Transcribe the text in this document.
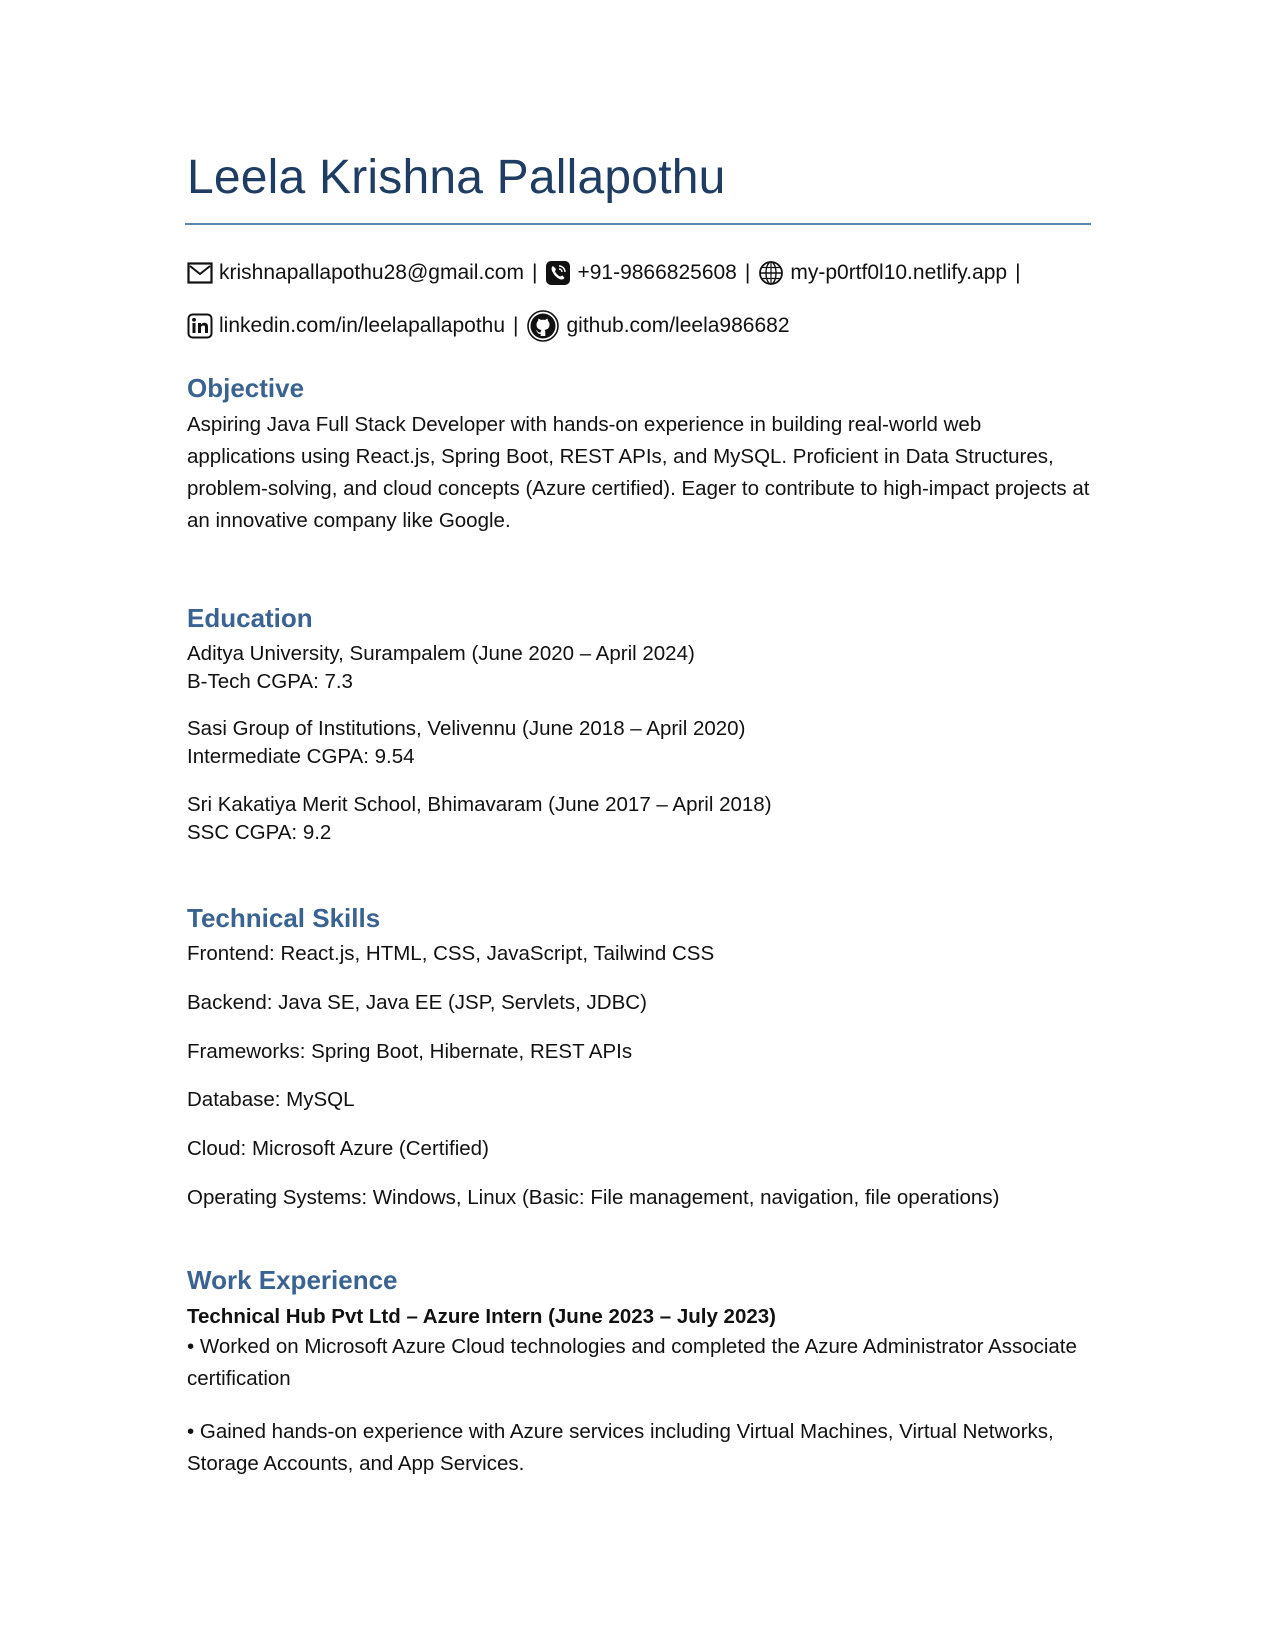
Leela Krishna Pallapothu
krishnapallapothu28@gmail.com | +91-9866825608 | my-p0rtf0l10.netlify.app |
linkedin.com/in/leelapallapothu | github.com/leela986682
Objective
Aspiring Java Full Stack Developer with hands-on experience in building real-world web applications using React.js, Spring Boot, REST APIs, and MySQL. Proficient in Data Structures, problem-solving, and cloud concepts (Azure certified). Eager to contribute to high-impact projects at an innovative company like Google.
Education
Aditya University, Surampalem (June 2020 – April 2024)
B-Tech CGPA: 7.3
Sasi Group of Institutions, Velivennu (June 2018 – April 2020)
Intermediate CGPA: 9.54
Sri Kakatiya Merit School, Bhimavaram (June 2017 – April 2018)
SSC CGPA: 9.2
Technical Skills
Frontend: React.js, HTML, CSS, JavaScript, Tailwind CSS
Backend: Java SE, Java EE (JSP, Servlets, JDBC)
Frameworks: Spring Boot, Hibernate, REST APIs
Database: MySQL
Cloud: Microsoft Azure (Certified)
Operating Systems: Windows, Linux (Basic: File management, navigation, file operations)
Work Experience
Technical Hub Pvt Ltd – Azure Intern (June 2023 – July 2023)
• Worked on Microsoft Azure Cloud technologies and completed the Azure Administrator Associate certification
• Gained hands-on experience with Azure services including Virtual Machines, Virtual Networks, Storage Accounts, and App Services.
